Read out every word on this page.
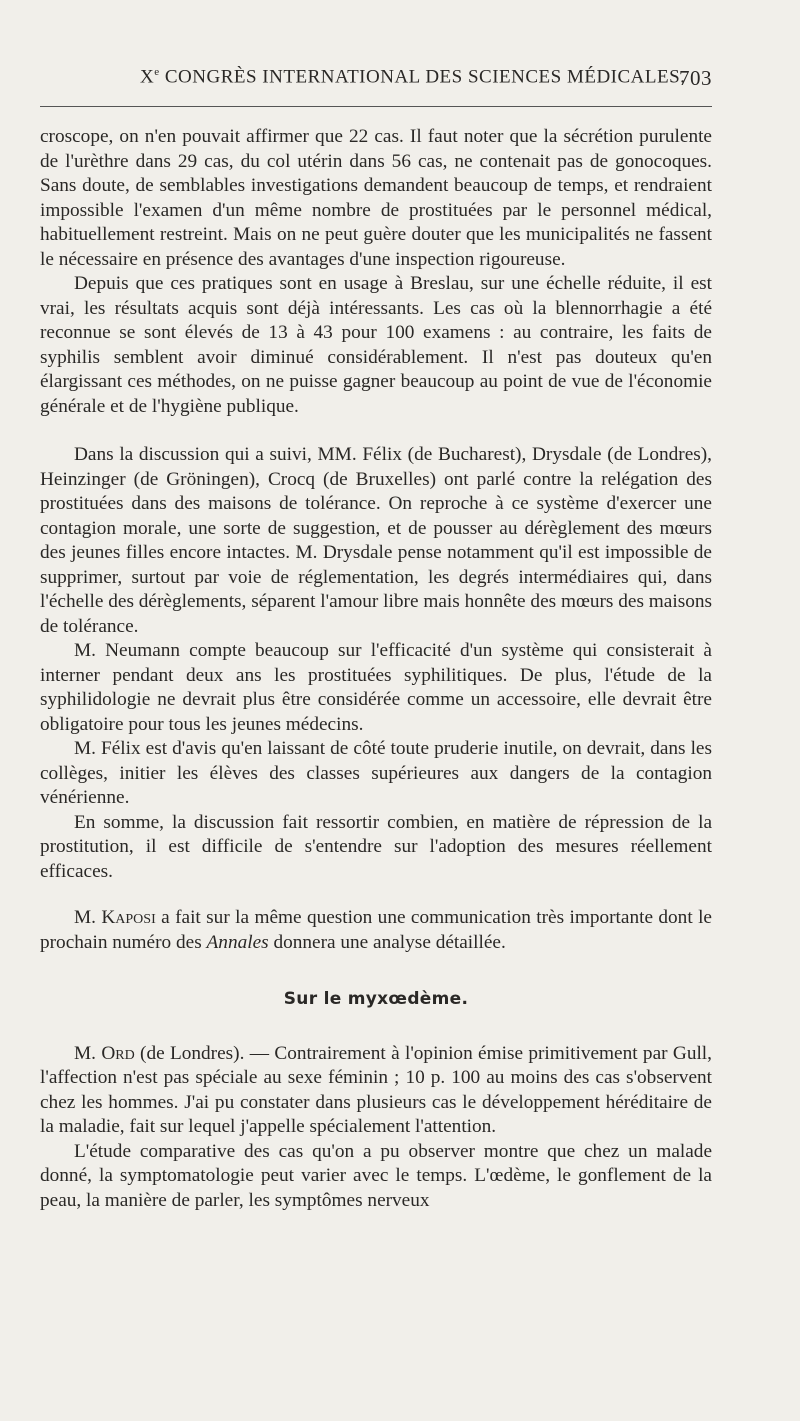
Xe CONGRÈS INTERNATIONAL DES SCIENCES MÉDICALES.
703

croscope, on n'en pouvait affirmer que 22 cas. Il faut noter que la sécrétion purulente de l'urèthre dans 29 cas, du col utérin dans 56 cas, ne contenait pas de gonocoques. Sans doute, de semblables investigations demandent beaucoup de temps, et rendraient impossible l'examen d'un même nombre de prostituées par le personnel médical, habituellement restreint. Mais on ne peut guère douter que les municipalités ne fassent le nécessaire en présence des avantages d'une inspection rigoureuse.

Depuis que ces pratiques sont en usage à Breslau, sur une échelle réduite, il est vrai, les résultats acquis sont déjà intéressants. Les cas où la blennorrhagie a été reconnue se sont élevés de 13 à 43 pour 100 examens : au contraire, les faits de syphilis semblent avoir diminué considérablement. Il n'est pas douteux qu'en élargissant ces méthodes, on ne puisse gagner beaucoup au point de vue de l'économie générale et de l'hygiène publique.

Dans la discussion qui a suivi, MM. Félix (de Bucharest), Drysdale (de Londres), Heinzinger (de Gröningen), Crocq (de Bruxelles) ont parlé contre la relégation des prostituées dans des maisons de tolérance. On reproche à ce système d'exercer une contagion morale, une sorte de suggestion, et de pousser au dérèglement des mœurs des jeunes filles encore intactes. M. Drysdale pense notamment qu'il est impossible de supprimer, surtout par voie de réglementation, les degrés intermédiaires qui, dans l'échelle des dérèglements, séparent l'amour libre mais honnête des mœurs des maisons de tolérance.

M. Neumann compte beaucoup sur l'efficacité d'un système qui consisterait à interner pendant deux ans les prostituées syphilitiques. De plus, l'étude de la syphilidologie ne devrait plus être considérée comme un accessoire, elle devrait être obligatoire pour tous les jeunes médecins.

M. Félix est d'avis qu'en laissant de côté toute pruderie inutile, on devrait, dans les collèges, initier les élèves des classes supérieures aux dangers de la contagion vénérienne.

En somme, la discussion fait ressortir combien, en matière de répression de la prostitution, il est difficile de s'entendre sur l'adoption des mesures réellement efficaces.

M. Kaposi a fait sur la même question une communication très importante dont le prochain numéro des Annales donnera une analyse détaillée.

Sur le myxœdème.

M. Ord (de Londres). — Contrairement à l'opinion émise primitivement par Gull, l'affection n'est pas spéciale au sexe féminin ; 10 p. 100 au moins des cas s'observent chez les hommes. J'ai pu constater dans plusieurs cas le développement héréditaire de la maladie, fait sur lequel j'appelle spécialement l'attention.

L'étude comparative des cas qu'on a pu observer montre que chez un malade donné, la symptomatologie peut varier avec le temps. L'œdème, le gonflement de la peau, la manière de parler, les symptômes nerveux
